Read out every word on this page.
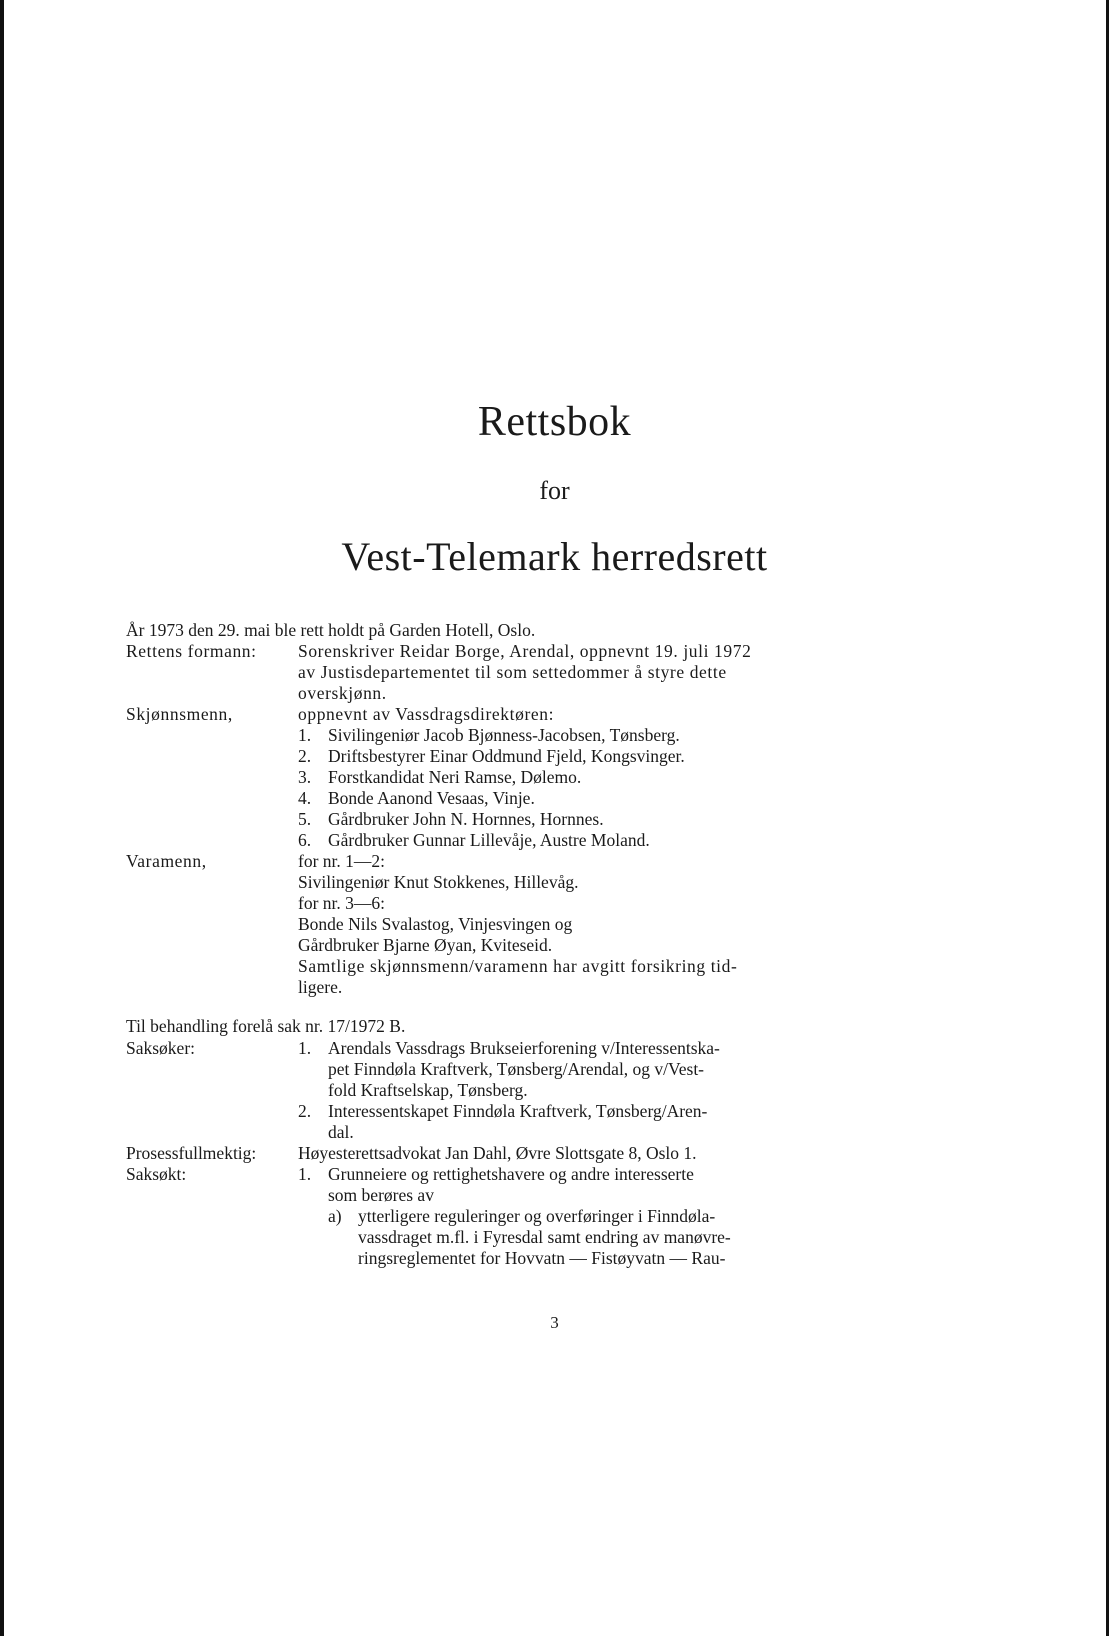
Rettsbok
for
Vest-Telemark herredsrett

År 1973 den 29. mai ble rett holdt på Garden Hotell, Oslo.

Rettens formann:	Sorenskriver Reidar Borge, Arendal, oppnevnt 19. juli 1972

av Justisdepartementet til som settedommer å styre dette

overskjønn.

Skjønnsmenn,	oppnevnt av Vassdragsdirektøren:

1. Sivilingeniør Jacob Bjønness-Jacobsen, Tønsberg.
2. Driftsbestyrer Einar Oddmund Fjeld, Kongsvinger.
3. Forstkandidat Neri Ramse, Dølemo.
4. Bonde Aanond Vesaas, Vinje.
5. Gårdbruker John N. Hornnes, Hornnes.
6. Gårdbruker Gunnar Lillevåje, Austre Moland.
Varamenn,	for nr. 1—2:

Sivilingeniør Knut Stokkenes, Hillevåg.

for nr. 3—6:

Bonde Nils Svalastog, Vinjesvingen og

Gårdbruker Bjarne Øyan, Kviteseid.

Samtlige skjønnsmenn/varamenn har avgitt forsikring tid-

ligere.

Til behandling forelå sak nr. 17/1972 B.

Saksøker:	1. Arendals Vassdrags Brukseierforening v/Interessentska-

pet Finndøla Kraftverk, Tønsberg/Arendal, og v/Vest-

fold Kraftselskap, Tønsberg.

2. Interessentskapet Finndøla Kraftverk, Tønsberg/Aren-

dal.

Prosessfullmektig:	Høyesterettsadvokat Jan Dahl, Øvre Slottsgate 8, Oslo 1.

Saksøkt:	1. Grunneiere og rettighetshavere og andre interesserte

som berøres av

a) ytterligere reguleringer og overføringer i Finndøla-

vassdraget m.fl. i Fyresdal samt endring av manøvre-

ringsreglementet for Hovvatn — Fistøyvatn — Rau-

3
